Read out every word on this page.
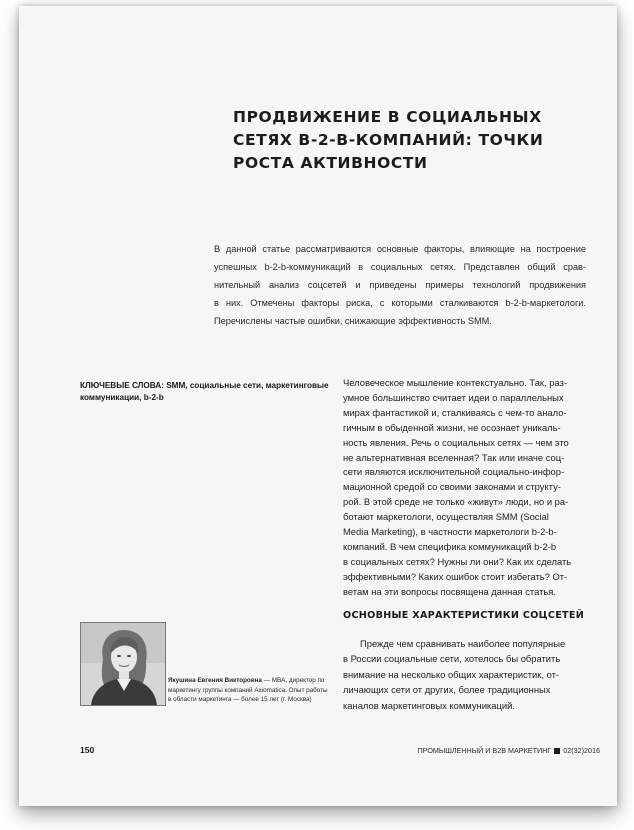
ПРОДВИЖЕНИЕ В СОЦИАЛЬНЫХ
СЕТЯХ B-2-B-КОМПАНИЙ: ТОЧКИ
РОСТА АКТИВНОСТИ
В данной статье рассматриваются основные факторы, влияющие на построение
успешных b-2-b-коммуникаций в социальных сетях. Представлен общий срав-
нительный анализ соцсетей и приведены примеры технологий продвижения
в них. Отмечены факторы риска, с которыми сталкиваются b-2-b-маркетологи.
Перечислены частые ошибки, снижающие эффективность SMM.
КЛЮЧЕВЫЕ СЛОВА: SMM, социальные сети, маркетинговые
коммуникации, b-2-b
Человеческое мышление контекстуально. Так, раз-
умное большинство считает идеи о параллельных
мирах фантастикой и, сталкиваясь с чем-то анало-
гичным в обыденной жизни, не осознает уникаль-
ность явления. Речь о социальных сетях — чем это
не альтернативная вселенная? Так или иначе соц-
сети являются исключительной социально-инфор-
мационной средой со своими законами и структу-
рой. В этой среде не только «живут» люди, но и ра-
ботают маркетологи, осуществляя SMM (Social
Media Marketing), в частности маркетологи b-2-b-
компаний. В чем специфика коммуникаций b-2-b
в социальных сетях? Нужны ли они? Как их сделать
эффективными? Каких ошибок стоит избегать? От-
ветам на эти вопросы посвящена данная статья.
ОСНОВНЫЕ ХАРАКТЕРИСТИКИ СОЦСЕТЕЙ
Прежде чем сравнивать наиболее популярные
в России социальные сети, хотелось бы обратить
внимание на несколько общих характеристик, от-
личающих сети от других, более традиционных
каналов маркетинговых коммуникаций.
Якушина Евгения Викторовна — MBA, директор по
маркетингу группы компаний Axiomatica. Опыт работы
в области маркетинга — более 15 лет (г. Москва)
150	ПРОМЫШЛЕННЫЙ И B2B МАРКЕТИНГ 02(32)2016
